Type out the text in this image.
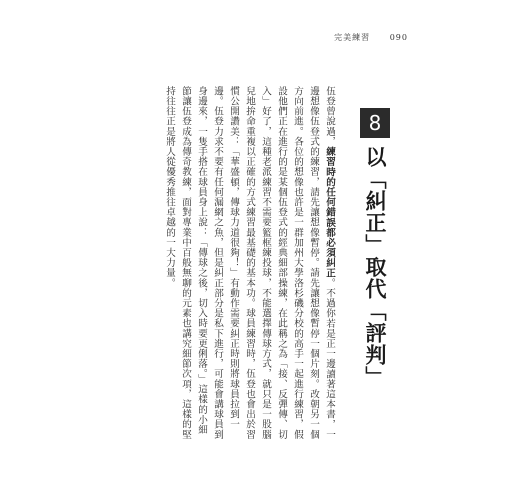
完美練習 090
8
以「糾正」取代「評判」

伍登曾說過，練習時的任何錯誤都必須糾正。不過你若是正一邊讀著這本書，一邊想像伍登式的練習，請先讓想像暫停。請先讓想像暫停一個片刻。改朝另一個方向前進。各位的想像也許是一群加州大學洛杉磯分校的高手一起進行練習，假設他們正在進行的是某個伍登式的經典細部操練，在此稱之為「接、反彈傳、切入」好了，這種老派練習不需要籃框練投球，不能選擇傳球方式，就只是一股腦兒地拚命重複以正確的方式練習最基礎的基本功。球員練習時，伍登也會出於習慣公開讚美：「華盛頓，傳球力道很夠！」有動作需要糾正時則將球員拉到一邊。伍登力求不要有任何漏網之魚，但是糾正部分是私下進行，可能會講球員到身邊來，一隻手搭在球員身上說：「傳球之後，切入時要更俐落。」這樣的小細節讓伍登成為傳奇教練，面對專業中百般無聊的元素也講究細節次項，這樣的堅持往往正是將人從優秀推往卓越的一大力量。
